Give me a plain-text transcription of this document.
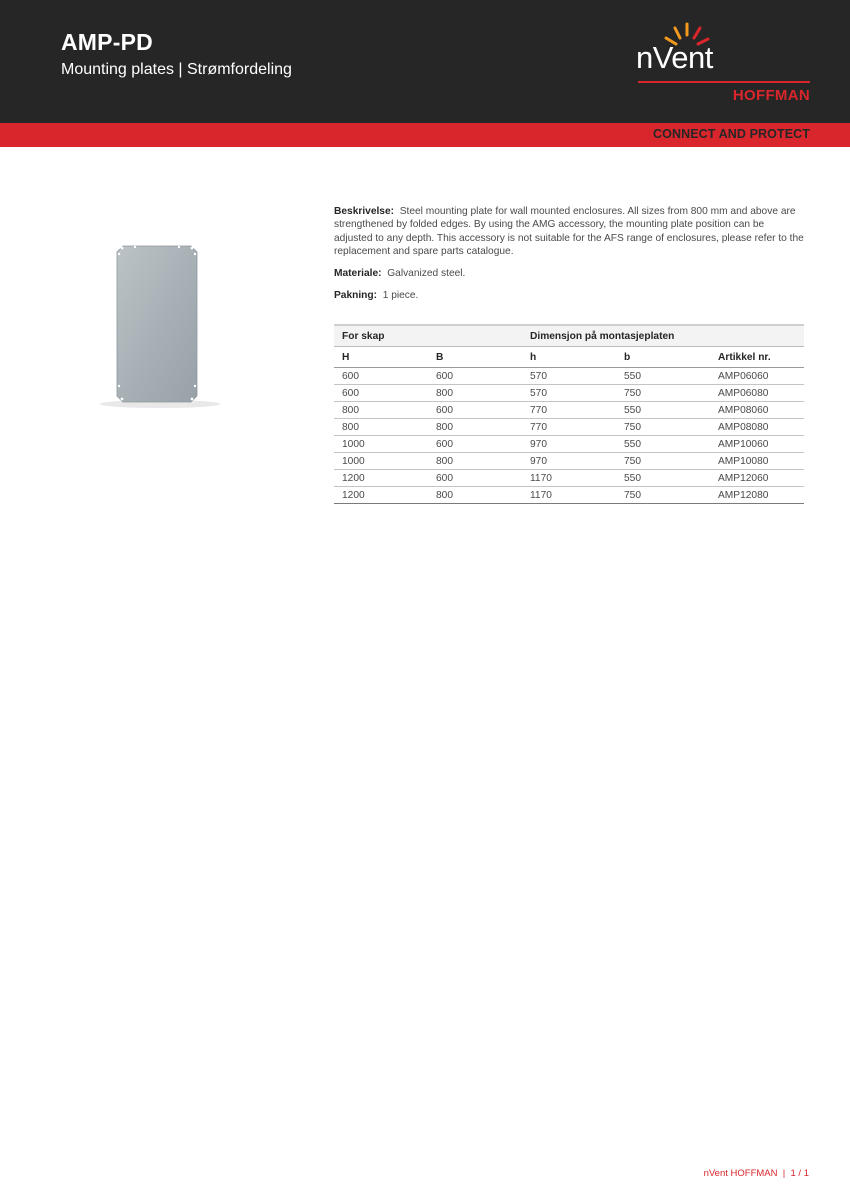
AMP-PD

Mounting plates | Strømfordeling	nVent
HOFFMAN
CONNECT AND PROTECT

Beskrivelse: Steel mounting plate for wall mounted enclosures. All sizes from 800 mm and above are strengthened by folded edges. By using the AMG accessory, the mounting plate position can be adjusted to any depth. This accessory is not suitable for the AFS range of enclosures, please refer to the replacement and spare parts catalogue.

Materiale: Galvanized steel.

Pakning: 1 piece.

For skap		Dimensjon på montasjeplaten		
H	B	h	b	Artikkel nr.
600	600	570	550	AMP06060
600	800	570	750	AMP06080
800	600	770	550	AMP08060
800	800	770	750	AMP08080
1000	600	970	550	AMP10060
1000	800	970	750	AMP10080
1200	600	1170	550	AMP12060
1200	800	1170	750	AMP12080
nVent HOFFMAN  |  1 / 1
